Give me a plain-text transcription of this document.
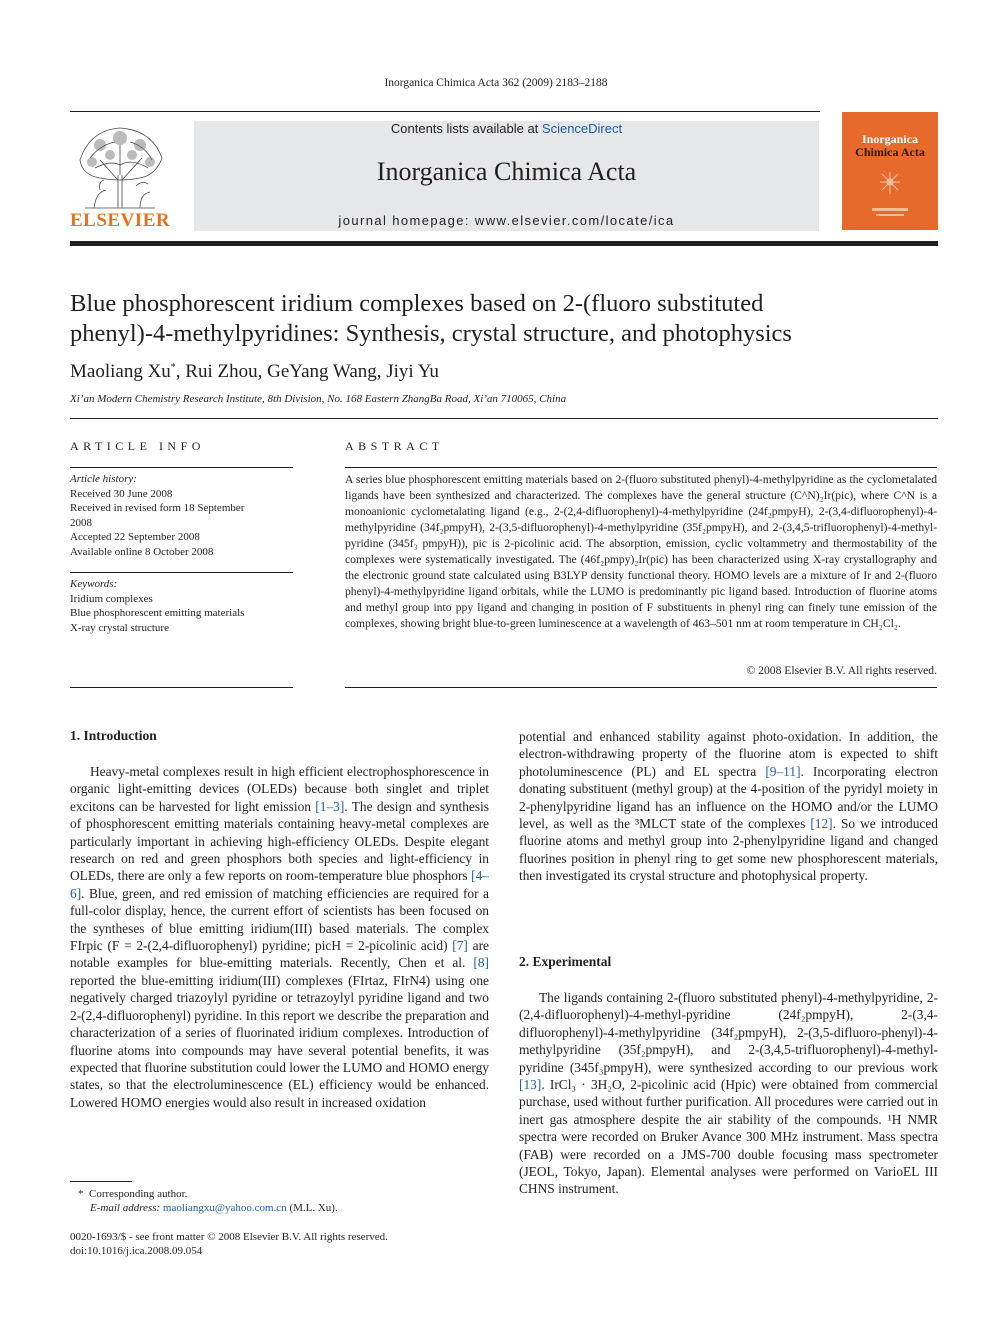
Inorganica Chimica Acta 362 (2009) 2183–2188
ELSEVIER
Contents lists available at ScienceDirect
Inorganica Chimica Acta
journal homepage: www.elsevier.com/locate/ica
Inorganica
Chimica Acta
Blue phosphorescent iridium complexes based on 2-(fluoro substituted
phenyl)-4-methylpyridines: Synthesis, crystal structure, and photophysics
Maoliang Xu*, Rui Zhou, GeYang Wang, Jiyi Yu
Xi’an Modern Chemistry Research Institute, 8th Division, No. 168 Eastern ZhangBa Road, Xi’an 710065, China
ARTICLE INFO
Article history:
Received 30 June 2008
Received in revised form 18 September
2008
Accepted 22 September 2008
Available online 8 October 2008
Keywords:
Iridium complexes
Blue phosphorescent emitting materials
X-ray crystal structure
ABSTRACT
A series blue phosphorescent emitting materials based on 2-(fluoro substituted phenyl)-4-methylpyridine as the cyclometalated ligands have been synthesized and characterized. The complexes have the general structure (C^N)₂Ir(pic), where C^N is a monoanionic cyclometalating ligand (e.g., 2-(2,4-difluorophenyl)-4-methylpyridine (24f₂pmpyH), 2-(3,4-difluorophenyl)-4-methylpyridine (34f₂pmpyH), 2-(3,5-difluorophenyl)-4-methylpyridine (35f₂pmpyH), and 2-(3,4,5-trifluorophenyl)-4-methyl-pyridine (345f₃ pmpyH)), pic is 2-picolinic acid. The absorption, emission, cyclic voltammetry and thermostability of the complexes were systematically investigated. The (46f₂pmpy)₂Ir(pic) has been characterized using X-ray crystallography and the electronic ground state calculated using B3LYP density functional theory. HOMO levels are a mixture of Ir and 2-(fluoro phenyl)-4-methylpyridine ligand orbitals, while the LUMO is predominantly pic ligand based. Introduction of fluorine atoms and methyl group into ppy ligand and changing in position of F substituents in phenyl ring can finely tune emission of the complexes, showing bright blue-to-green luminescence at a wavelength of 463–501 nm at room temperature in CH₂Cl₂.
© 2008 Elsevier B.V. All rights reserved.
1. Introduction

Heavy-metal complexes result in high efficient electrophosphorescence in organic light-emitting devices (OLEDs) because both singlet and triplet excitons can be harvested for light emission [1–3]. The design and synthesis of phosphorescent emitting materials containing heavy-metal complexes are particularly important in achieving high-efficiency OLEDs. Despite elegant research on red and green phosphors both species and light-efficiency in OLEDs, there are only a few reports on room-temperature blue phosphors [4–6]. Blue, green, and red emission of matching efficiencies are required for a full-color display, hence, the current effort of scientists has been focused on the syntheses of blue emitting iridium(III) based materials. The complex FIrpic (F = 2-(2,4-difluorophenyl) pyridine; picH = 2-picolinic acid) [7] are notable examples for blue-emitting materials. Recently, Chen et al. [8] reported the blue-emitting iridium(III) complexes (FIrtaz, FIrN4) using one negatively charged triazoylyl pyridine or tetrazoylyl pyridine ligand and two 2-(2,4-difluorophenyl) pyridine. In this report we describe the preparation and characterization of a series of fluorinated iridium complexes. Introduction of fluorine atoms into compounds may have several potential benefits, it was expected that fluorine substitution could lower the LUMO and HOMO energy states, so that the electroluminescence (EL) efficiency would be enhanced. Lowered HOMO energies would also result in increased oxidation

potential and enhanced stability against photo-oxidation. In addition, the electron-withdrawing property of the fluorine atom is expected to shift photoluminescence (PL) and EL spectra [9–11]. Incorporating electron donating substituent (methyl group) at the 4-position of the pyridyl moiety in 2-phenylpyridine ligand has an influence on the HOMO and/or the LUMO level, as well as the ³MLCT state of the complexes [12]. So we introduced fluorine atoms and methyl group into 2-phenylpyridine ligand and changed fluorines position in phenyl ring to get some new phosphorescent materials, then investigated its crystal structure and photophysical property.

2. Experimental

The ligands containing 2-(fluoro substituted phenyl)-4-methylpyridine, 2-(2,4-difluorophenyl)-4-methyl-pyridine (24f₂pmpyH), 2-(3,4-difluorophenyl)-4-methylpyridine (34f₂pmpyH), 2-(3,5-difluoro-phenyl)-4-methylpyridine (35f₂pmpyH), and 2-(3,4,5-trifluorophenyl)-4-methyl-pyridine (345f₃pmpyH), were synthesized according to our previous work [13]. IrCl₃ · 3H₂O, 2-picolinic acid (Hpic) were obtained from commercial purchase, used without further purification. All procedures were carried out in inert gas atmosphere despite the air stability of the compounds. ¹H NMR spectra were recorded on Bruker Avance 300 MHz instrument. Mass spectra (FAB) were recorded on a JMS-700 double focusing mass spectrometer (JEOL, Tokyo, Japan). Elemental analyses were performed on VarioEL III CHNS instrument.

* Corresponding author.
E-mail address: maoliangxu@yahoo.com.cn (M.L. Xu).
0020-1693/$ - see front matter © 2008 Elsevier B.V. All rights reserved.
doi:10.1016/j.ica.2008.09.054
